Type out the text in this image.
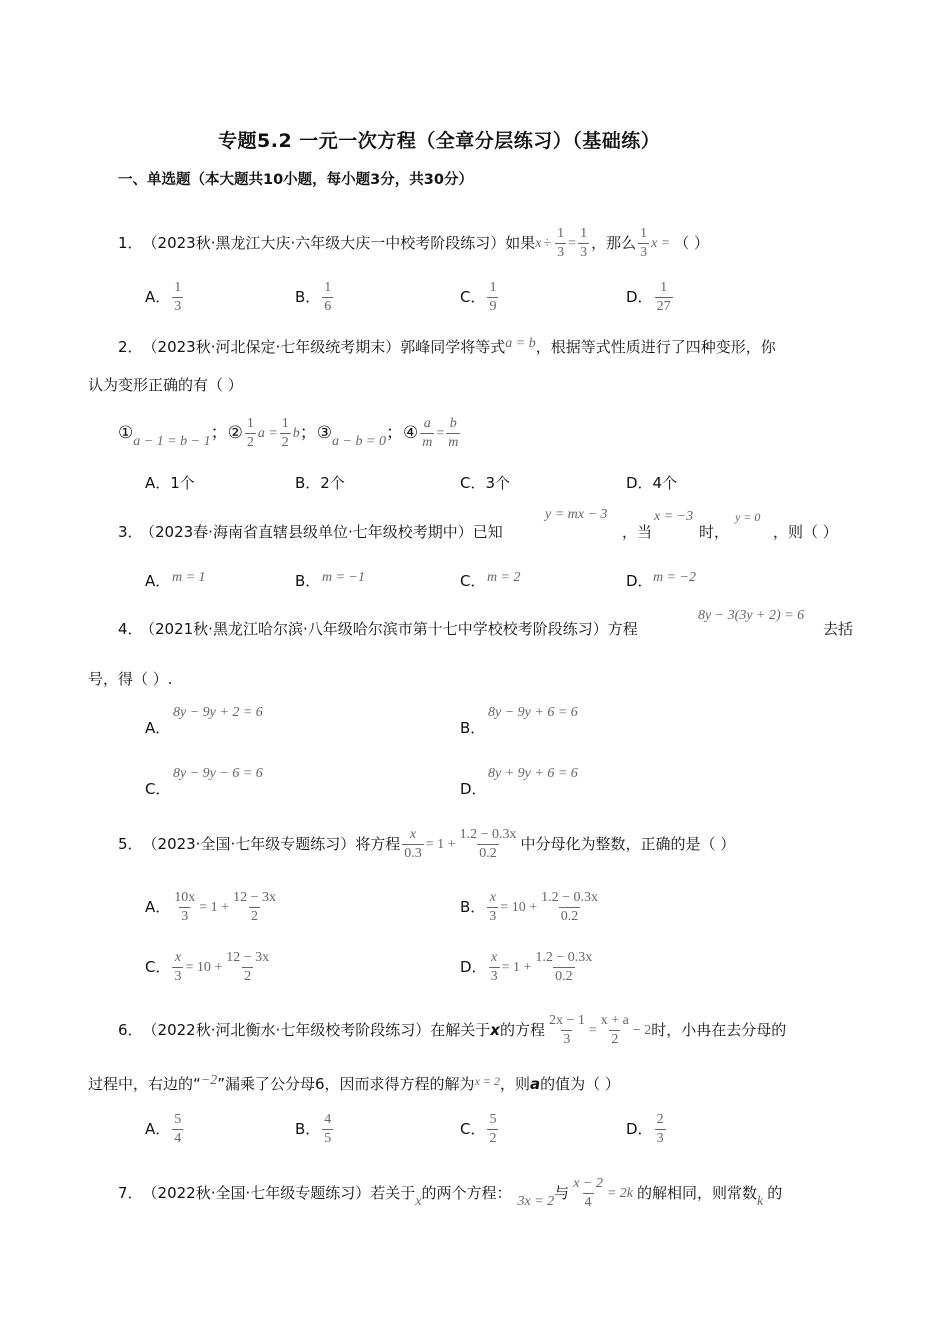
专题5.2 一元一次方程（全章分层练习）（基础练）
一、单选题（本大题共10小题，每小题3分，共30分）
1． （2023秋·黑龙江大庆·六年级大庆一中校考阶段练习）如果 $x \div \frac{1}{3} = \frac{1}{3}$ ，那么 $\frac{1}{3}$ x = （ ）
A． $\frac{1}{3}$	B． $\frac{1}{6}$	C． $\frac{1}{9}$	D． $\frac{1}{27}$
2． （2023秋·河北保定·七年级统考期末）郭峰同学将等式 a = b ，根据等式性质进行了四种变形，你
认为变形正确的有（ ）
① a − 1 = b − 1 ；② $\frac{1}{2}$ $a = \frac{1}{2}$ b ；③ a − b = 0 ；④ $\frac{a}{m} = \frac{b}{m}$
A．1个	B．2个	C．3个	D．4个
3．
（2023春·海南省直辖县级单位·七年级校考期中）已知
y = mx − 3
，当
x = −3
时，
y = 0
，则（ ）
A． m = 1	B． m = −1	C． m = 2	D． m = −2
4．
（2021秋·黑龙江哈尔滨·八年级哈尔滨市第十七中学校校考阶段练习）方程
8y − 3(3y + 2) = 6
去括
号，得（ ）.
A．
8y − 9y + 2 = 6
B．
8y − 9y + 6 = 6
C．
8y − 9y − 6 = 6
D．
8y + 9y + 6 = 6
5． （2023·全国·七年级专题练习）将方程 $\frac{x}{0.3} = 1 + \frac{1.2 - 0.3x}{0.2}$ 中分母化为整数，正确的是（ ）
A． $\frac{10x}{3} = 1 + \frac{12 - 3x}{2}$	B． $\frac{x}{3} = 10 + \frac{1.2 - 0.3x}{0.2}$
C． $\frac{x}{3} = 10 + \frac{12 - 3x}{2}$	D． $\frac{x}{3} = 1 + \frac{1.2 - 0.3x}{0.2}$
6． （2022秋·河北衡水·七年级校考阶段练习）在解关于 x 的方程 $\frac{2x - 1}{3} = \frac{x + a}{2} - 2$ 时，小冉在去分母的
过程中，右边的“ −2 ”漏乘了公分母6，因而求得方程的解为 x = 2 ，则 a 的值为（ ）
A． $\frac{5}{4}$	B． $\frac{4}{5}$	C． $\frac{5}{2}$	D． $\frac{2}{3}$
7． （2022秋·全国·七年级专题练习）若关于 x 的两个方程： 3x = 2 与 $\frac{x - 2}{4} = 2k$ 的解相同，则常数 k 的
